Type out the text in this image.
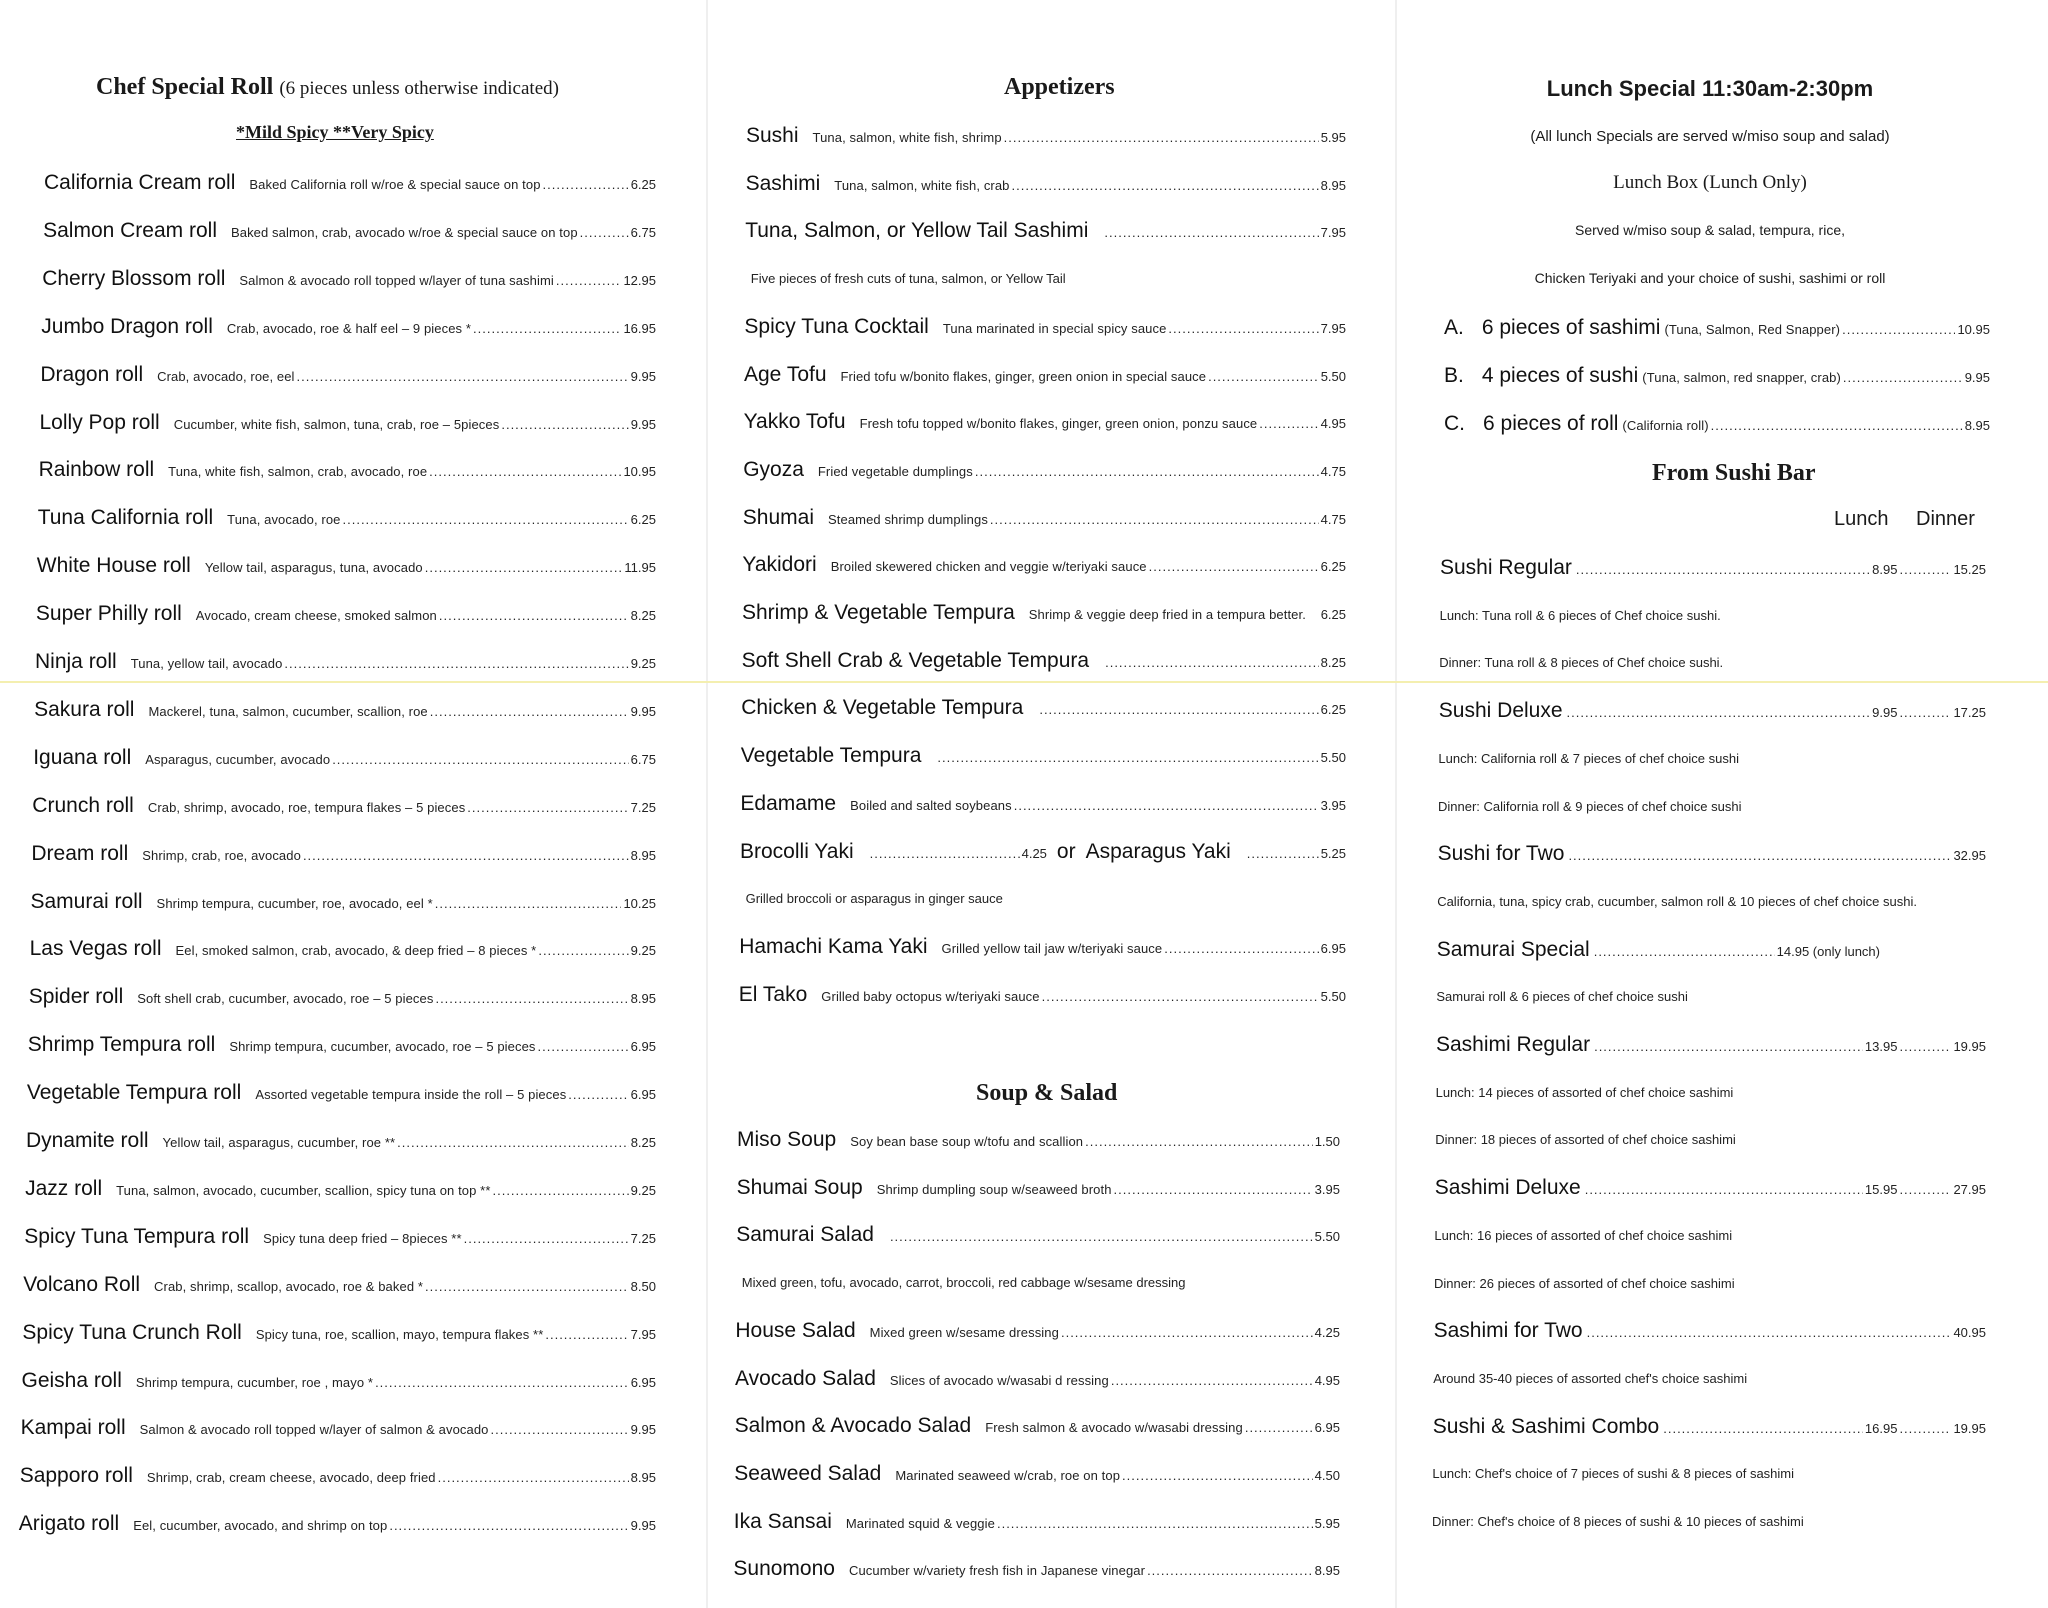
Chef Special Roll (6 pieces unless otherwise indicated)
*Mild Spicy **Very Spicy
California Cream roll Baked California roll w/roe & special sauce on top .....	6.25
Salmon Cream roll Baked salmon, crab, avocado w/roe & special sauce on top .....	6.75
Cherry Blossom roll Salmon & avocado roll topped w/layer of tuna sashimi .....	12.95
Jumbo Dragon roll Crab, avocado, roe & half eel – 9 pieces * .....	16.95
Dragon roll Crab, avocado, roe, eel .....	9.95
Lolly Pop roll Cucumber, white fish, salmon, tuna, crab, roe – 5pieces .....	9.95
Rainbow roll Tuna, white fish, salmon, crab, avocado, roe .....	10.95
Tuna California roll Tuna, avocado, roe .....	6.25
White House roll Yellow tail, asparagus, tuna, avocado .....	11.95
Super Philly roll Avocado, cream cheese, smoked salmon .....	8.25
Ninja roll Tuna, yellow tail, avocado .....	9.25
Sakura roll Mackerel, tuna, salmon, cucumber, scallion, roe .....	9.95
Iguana roll Asparagus, cucumber, avocado .....	6.75
Crunch roll Crab, shrimp, avocado, roe, tempura flakes – 5 pieces .....	7.25
Dream roll Shrimp, crab, roe, avocado .....	8.95
Samurai roll Shrimp tempura, cucumber, roe, avocado, eel * .....	10.25
Las Vegas roll Eel, smoked salmon, crab, avocado, & deep fried – 8 pieces * .....	9.25
Spider roll Soft shell crab, cucumber, avocado, roe – 5 pieces .....	8.95
Shrimp Tempura roll Shrimp tempura, cucumber, avocado, roe – 5 pieces .....	6.95
Vegetable Tempura roll Assorted vegetable tempura inside the roll – 5 pieces .....	6.95
Dynamite roll Yellow tail, asparagus, cucumber, roe ** .....	8.25
Jazz roll Tuna, salmon, avocado, cucumber, scallion, spicy tuna on top ** .....	9.25
Spicy Tuna Tempura roll Spicy tuna deep fried – 8pieces ** .....	7.25
Volcano Roll Crab, shrimp, scallop, avocado, roe & baked * .....	8.50
Spicy Tuna Crunch Roll Spicy tuna, roe, scallion, mayo, tempura flakes ** .....	7.95
Geisha roll Shrimp tempura, cucumber, roe , mayo * .....	6.95
Kampai roll Salmon & avocado roll topped w/layer of salmon & avocado .....	9.95
Sapporo roll Shrimp, crab, cream cheese, avocado, deep fried .....	8.95
Arigato roll Eel, cucumber, avocado, and shrimp on top .....	9.95
Appetizers
Sushi Tuna, salmon, white fish, shrimp .....	5.95
Sashimi Tuna, salmon, white fish, crab .....	8.95
Tuna, Salmon, or Yellow Tail Sashimi .....	7.95
Five pieces of fresh cuts of tuna, salmon, or Yellow Tail
Spicy Tuna Cocktail Tuna marinated in special spicy sauce .....	7.95
Age Tofu Fried tofu w/bonito flakes, ginger, green onion in special sauce .....	5.50
Yakko Tofu Fresh tofu topped w/bonito flakes, ginger, green onion, ponzu sauce .....	4.95
Gyoza Fried vegetable dumplings .....	4.75
Shumai Steamed shrimp dumplings .....	4.75
Yakidori Broiled skewered chicken and veggie w/teriyaki sauce .....	6.25
Shrimp & Vegetable Tempura Shrimp & veggie deep fried in a tempura better. 6.25
Soft Shell Crab & Vegetable Tempura .....	8.25
Chicken & Vegetable Tempura .....	6.25
Vegetable Tempura .....	5.50
Edamame Boiled and salted soybeans .....	3.95
Brocolli Yaki .....	4.25 or Asparagus Yaki .....	5.25
Grilled broccoli or asparagus in ginger sauce
Hamachi Kama Yaki Grilled yellow tail jaw w/teriyaki sauce .....	6.95
El Tako Grilled baby octopus w/teriyaki sauce .....	5.50
Soup & Salad
Miso Soup Soy bean base soup w/tofu and scallion .....	1.50
Shumai Soup Shrimp dumpling soup w/seaweed broth .....	3.95
Samurai Salad .....	5.50
Mixed green, tofu, avocado, carrot, broccoli, red cabbage w/sesame dressing
House Salad Mixed green w/sesame dressing .....	4.25
Avocado Salad Slices of avocado w/wasabi d ressing .....	4.95
Salmon & Avocado Salad Fresh salmon & avocado w/wasabi dressing .....	6.95
Seaweed Salad Marinated seaweed w/crab, roe on top .....	4.50
Ika Sansai Marinated squid & veggie .....	5.95
Sunomono Cucumber w/variety fresh fish in Japanese vinegar .....	8.95
Lunch Special 11:30am-2:30pm
(All lunch Specials are served w/miso soup and salad)
Lunch Box (Lunch Only)
Served w/miso soup & salad, tempura, rice,
Chicken Teriyaki and your choice of sushi, sashimi or roll
A. 6 pieces of sashimi (Tuna, Salmon, Red Snapper) .....	10.95
B. 4 pieces of sushi (Tuna, salmon, red snapper, crab) .....	9.95
C. 6 pieces of roll (California roll) .....	8.95
From Sushi Bar
Lunch Dinner
Sushi Regular .....	8.95 .....	15.25
Lunch: Tuna roll & 6 pieces of Chef choice sushi.
Dinner: Tuna roll & 8 pieces of Chef choice sushi.
Sushi Deluxe .....	9.95 .....	17.25
Lunch: California roll & 7 pieces of chef choice sushi
Dinner: California roll & 9 pieces of chef choice sushi
Sushi for Two .....	32.95
California, tuna, spicy crab, cucumber, salmon roll & 10 pieces of chef choice sushi.
Samurai Special .....	14.95 (only lunch)
Samurai roll & 6 pieces of chef choice sushi
Sashimi Regular .....	13.95 .....	19.95
Lunch: 14 pieces of assorted of chef choice sashimi
Dinner: 18 pieces of assorted of chef choice sashimi
Sashimi Deluxe .....	15.95 .....	27.95
Lunch: 16 pieces of assorted of chef choice sashimi
Dinner: 26 pieces of assorted of chef choice sashimi
Sashimi for Two .....	40.95
Around 35-40 pieces of assorted chef's choice sashimi
Sushi & Sashimi Combo .....	16.95 .....	19.95
Lunch: Chef's choice of 7 pieces of sushi & 8 pieces of sashimi
Dinner: Chef's choice of 8 pieces of sushi & 10 pieces of sashimi
